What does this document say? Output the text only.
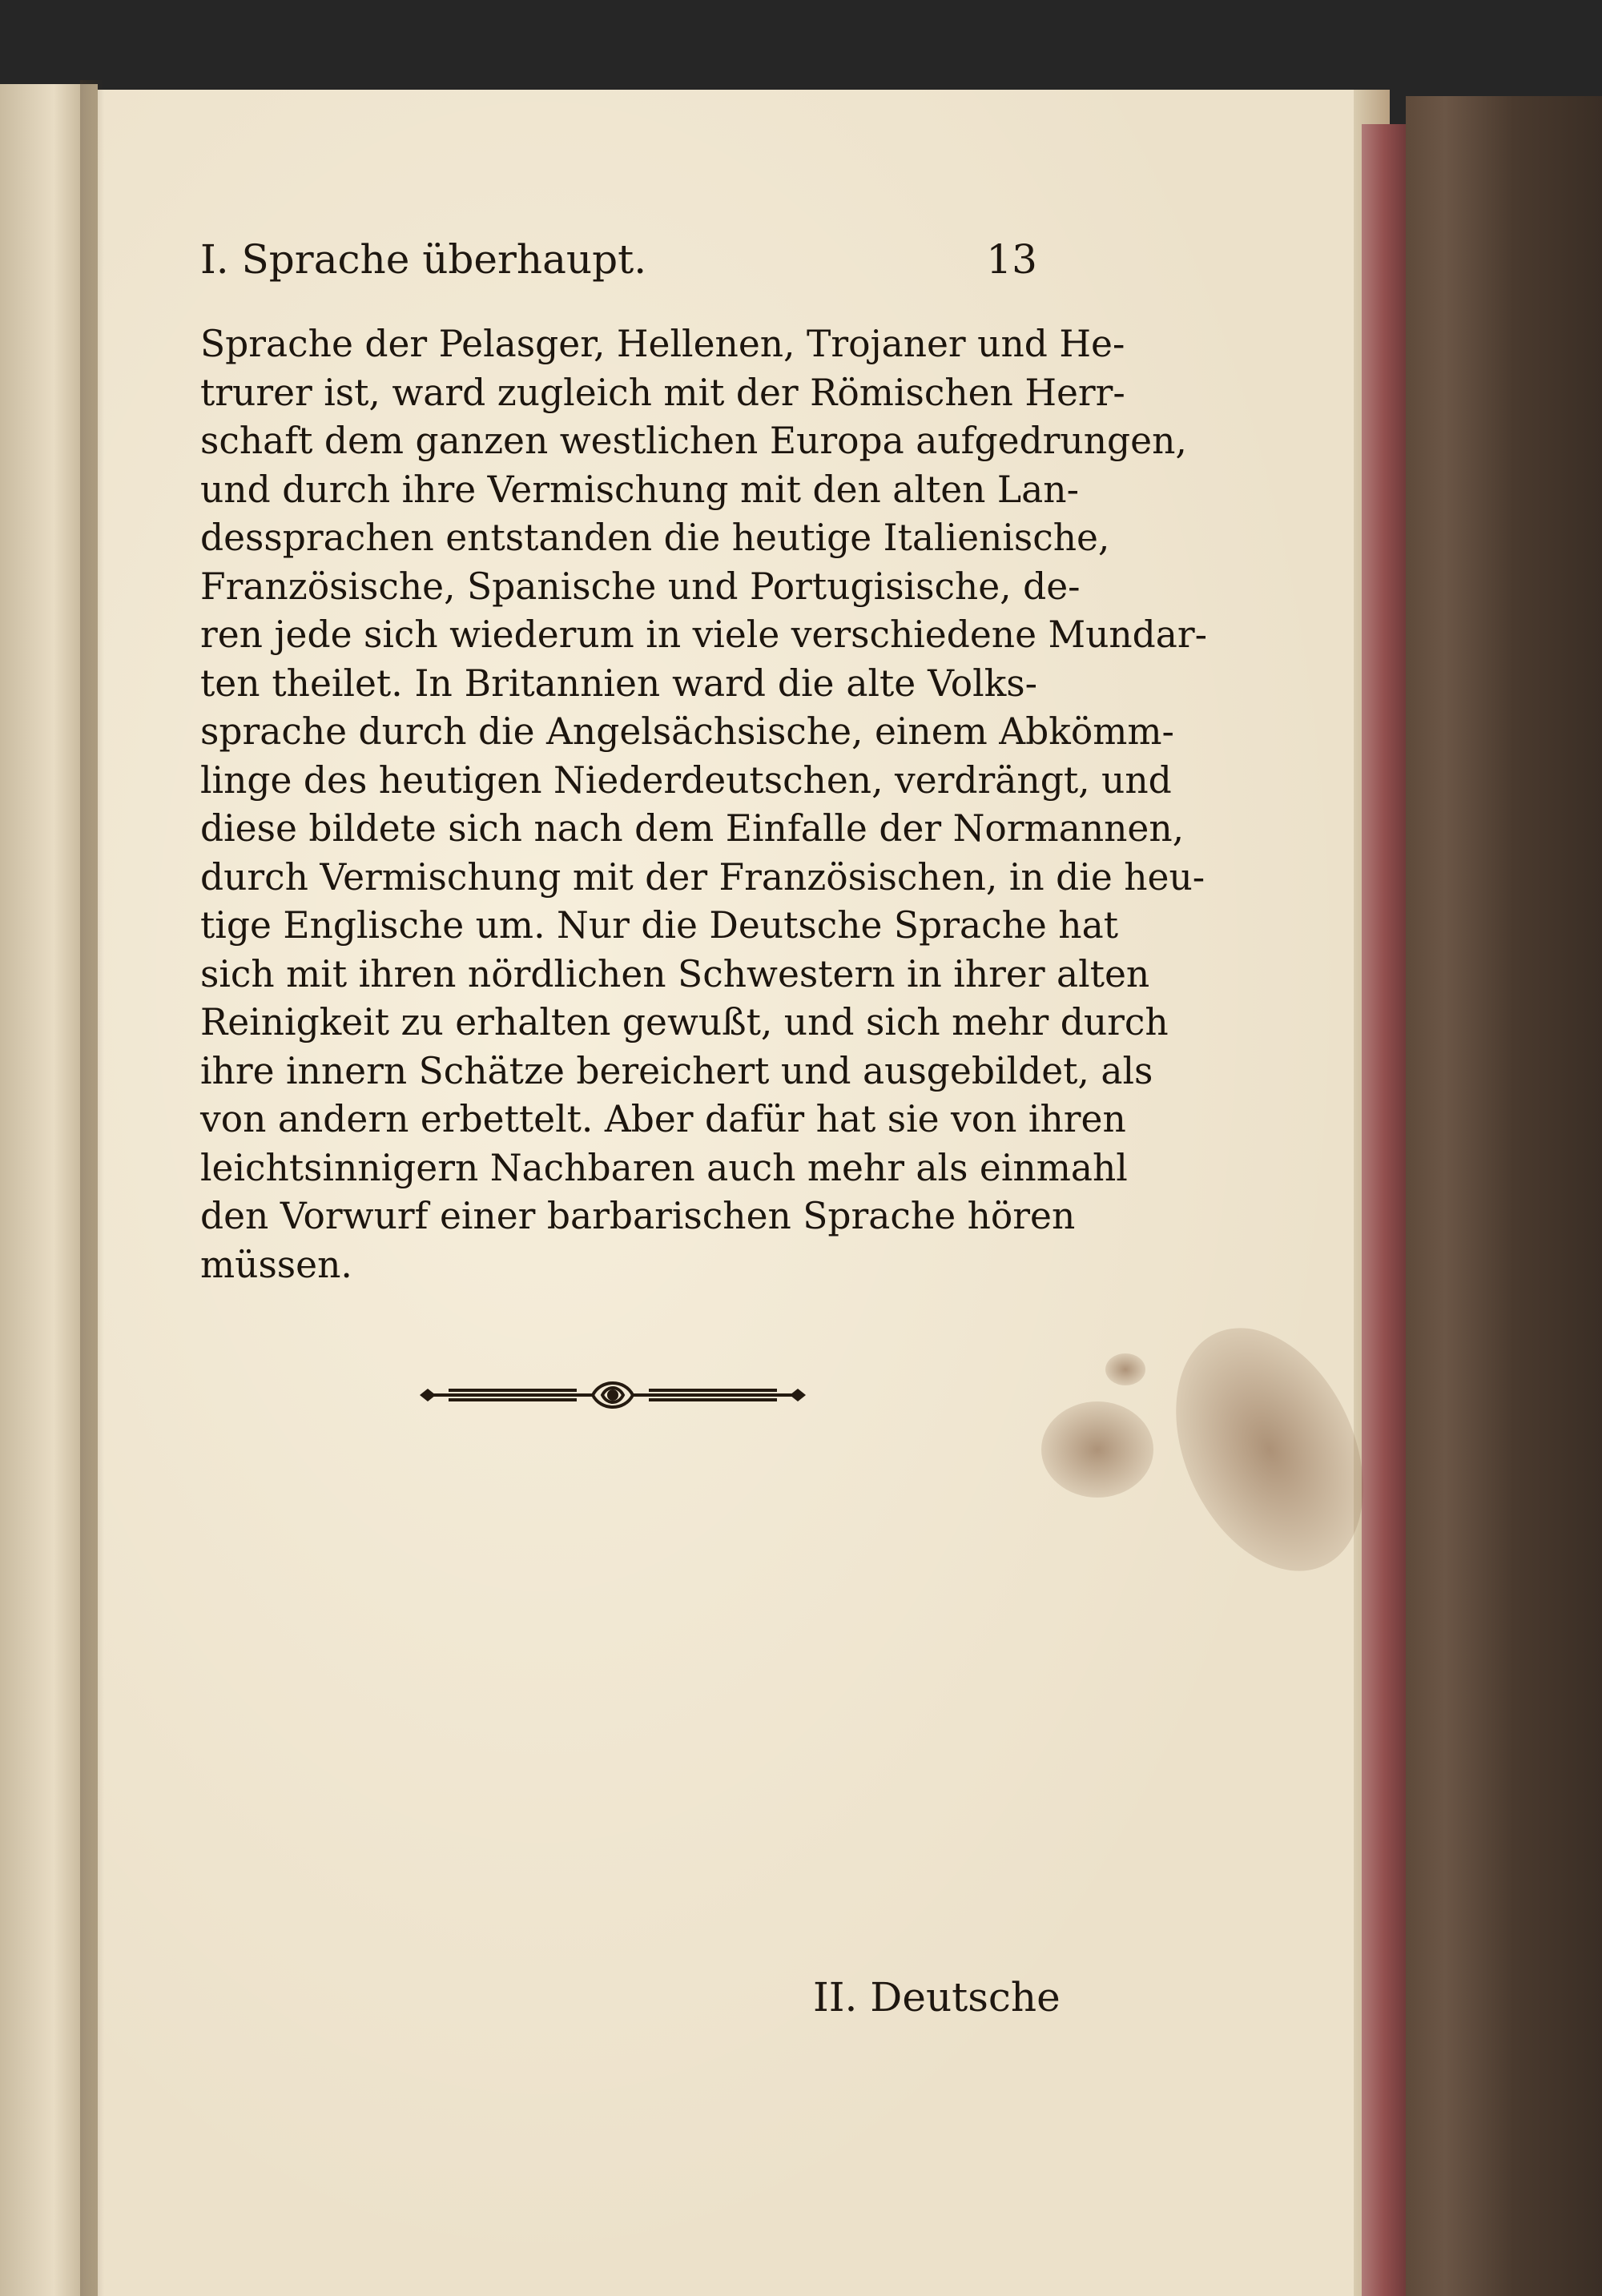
I. Sprache überhaupt.	13
Sprache der Pelasger, Hellenen, Trojaner und He-
trurer ist, ward zugleich mit der Römischen Herr-
schaft dem ganzen westlichen Europa aufgedrungen,
und durch ihre Vermischung mit den alten Lan-
dessprachen entstanden die heutige Italienische,
Französische, Spanische und Portugisische, de-
ren jede sich wiederum in viele verschiedene Mundar-
ten theilet. In Britannien ward die alte Volks-
sprache durch die Angelsächsische, einem Abkömm-
linge des heutigen Niederdeutschen, verdrängt, und
diese bildete sich nach dem Einfalle der Normannen,
durch Vermischung mit der Französischen, in die heu-
tige Englische um. Nur die Deutsche Sprache hat
sich mit ihren nördlichen Schwestern in ihrer alten
Reinigkeit zu erhalten gewußt, und sich mehr durch
ihre innern Schätze bereichert und ausgebildet, als
von andern erbettelt. Aber dafür hat sie von ihren
leichtsinnigern Nachbaren auch mehr als einmahl
den Vorwurf einer barbarischen Sprache hören
müssen.
II. Deutsche
